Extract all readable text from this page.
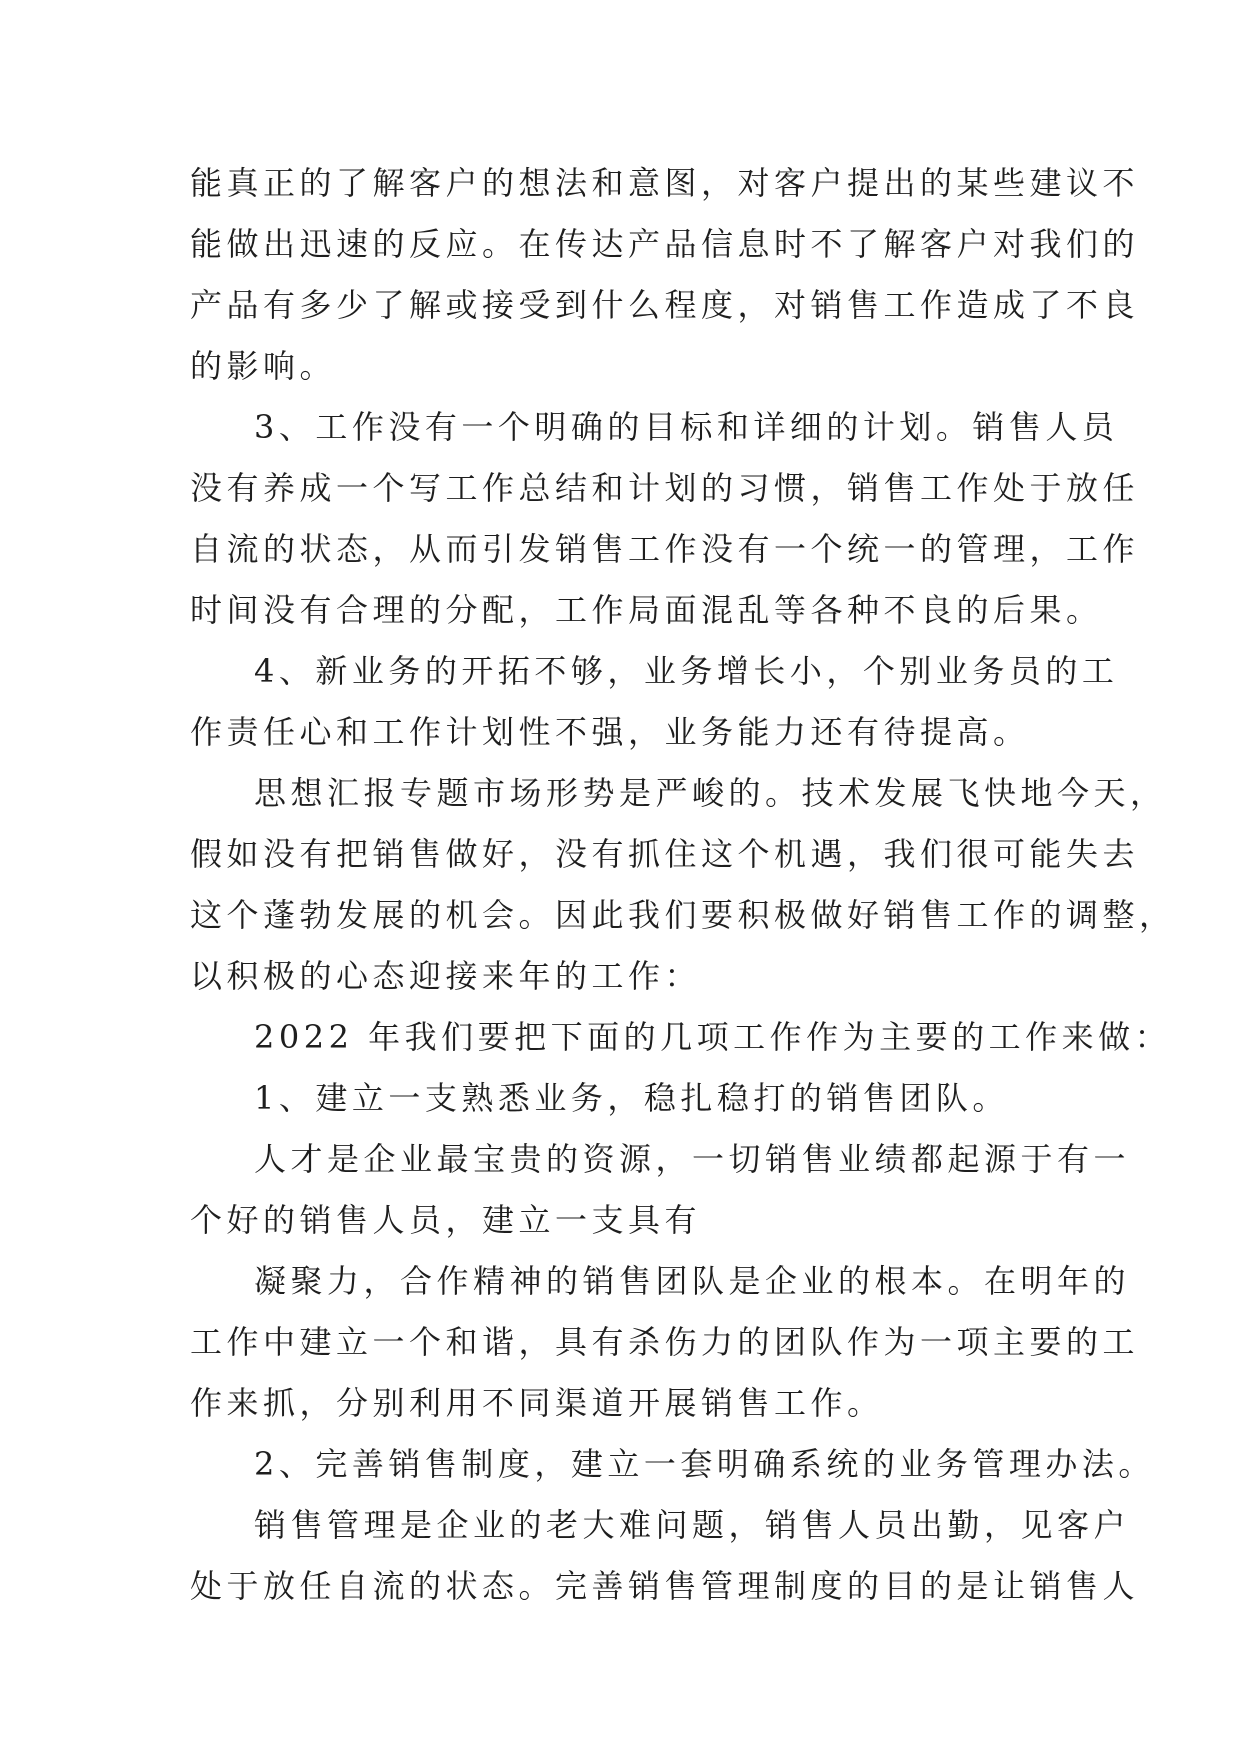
能真正的了解客户的想法和意图，对客户提出的某些建议不
能做出迅速的反应。在传达产品信息时不了解客户对我们的
产品有多少了解或接受到什么程度，对销售工作造成了不良
的影响。
3、工作没有一个明确的目标和详细的计划。销售人员
没有养成一个写工作总结和计划的习惯，销售工作处于放任
自流的状态，从而引发销售工作没有一个统一的管理，工作
时间没有合理的分配，工作局面混乱等各种不良的后果。
4、新业务的开拓不够，业务增长小，个别业务员的工
作责任心和工作计划性不强，业务能力还有待提高。
思想汇报专题市场形势是严峻的。技术发展飞快地今天，
假如没有把销售做好，没有抓住这个机遇，我们很可能失去
这个蓬勃发展的机会。因此我们要积极做好销售工作的调整，
以积极的心态迎接来年的工作：
2022 年我们要把下面的几项工作作为主要的工作来做：
1、建立一支熟悉业务，稳扎稳打的销售团队。
人才是企业最宝贵的资源，一切销售业绩都起源于有一
个好的销售人员，建立一支具有
凝聚力，合作精神的销售团队是企业的根本。在明年的
工作中建立一个和谐，具有杀伤力的团队作为一项主要的工
作来抓，分别利用不同渠道开展销售工作。
2、完善销售制度，建立一套明确系统的业务管理办法。
销售管理是企业的老大难问题，销售人员出勤，见客户
处于放任自流的状态。完善销售管理制度的目的是让销售人
